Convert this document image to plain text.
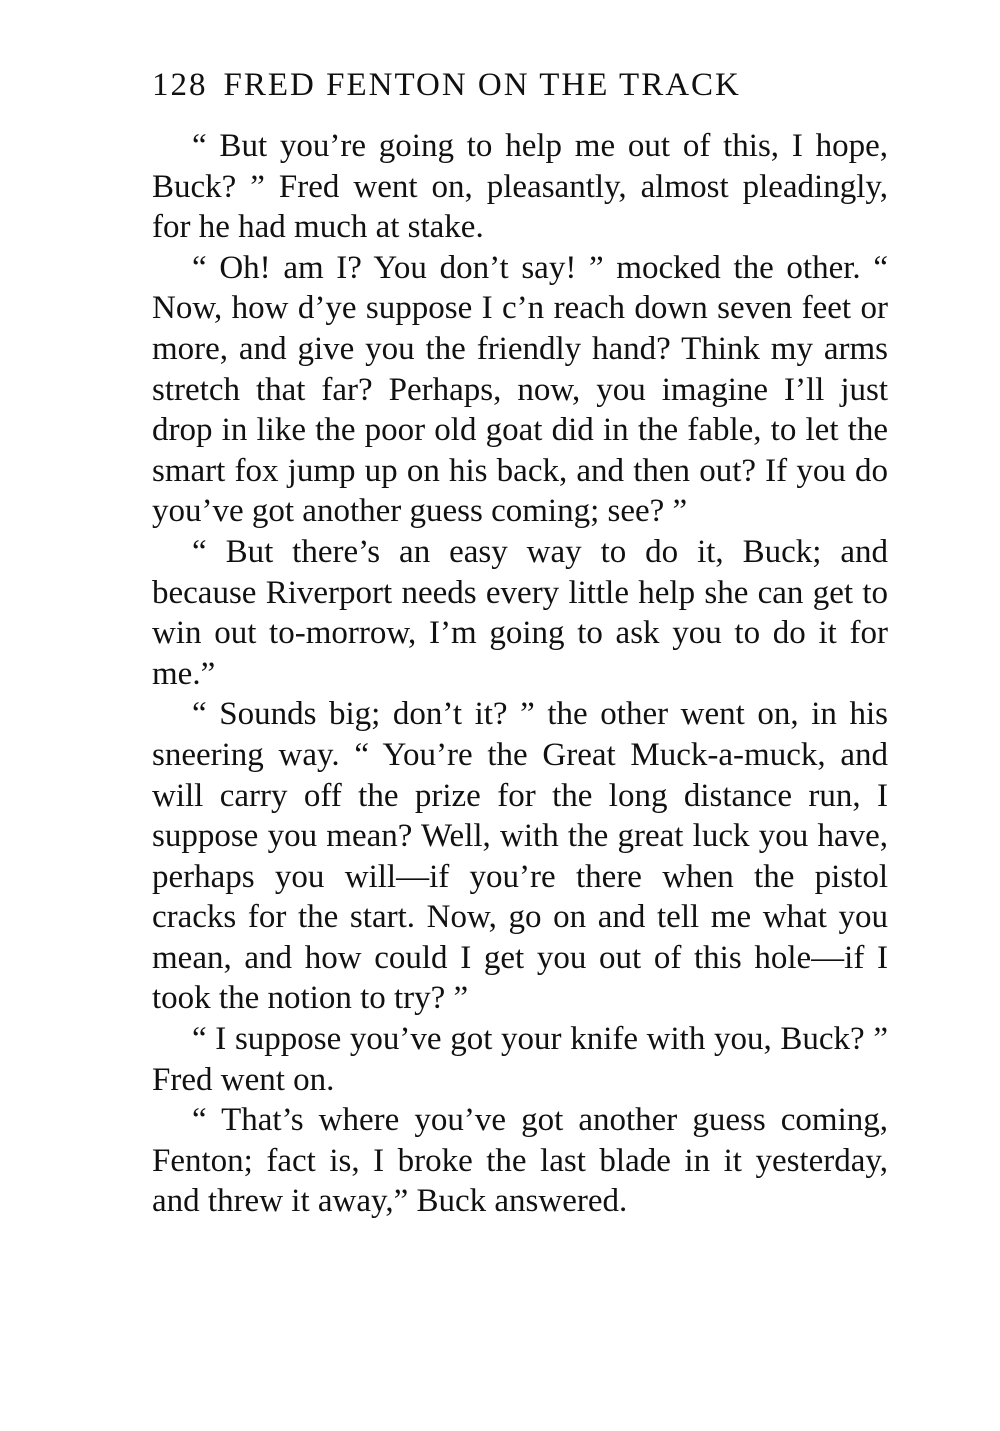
128 FRED FENTON ON THE TRACK

“ But you’re going to help me out of this, I hope, Buck? ” Fred went on, pleasantly, almost pleadingly, for he had much at stake.

“ Oh! am I? You don’t say! ” mocked the other. “ Now, how d’ye suppose I c’n reach down seven feet or more, and give you the friendly hand? Think my arms stretch that far? Perhaps, now, you imagine I’ll just drop in like the poor old goat did in the fable, to let the smart fox jump up on his back, and then out? If you do you’ve got another guess coming; see? ”

“ But there’s an easy way to do it, Buck; and because Riverport needs every little help she can get to win out to-morrow, I’m going to ask you to do it for me.”

“ Sounds big; don’t it? ” the other went on, in his sneering way. “ You’re the Great Muck-a-muck, and will carry off the prize for the long distance run, I suppose you mean? Well, with the great luck you have, perhaps you will—if you’re there when the pistol cracks for the start. Now, go on and tell me what you mean, and how could I get you out of this hole—if I took the notion to try? ”

“ I suppose you’ve got your knife with you, Buck? ” Fred went on.

“ That’s where you’ve got another guess coming, Fenton; fact is, I broke the last blade in it yesterday, and threw it away,” Buck answered.
